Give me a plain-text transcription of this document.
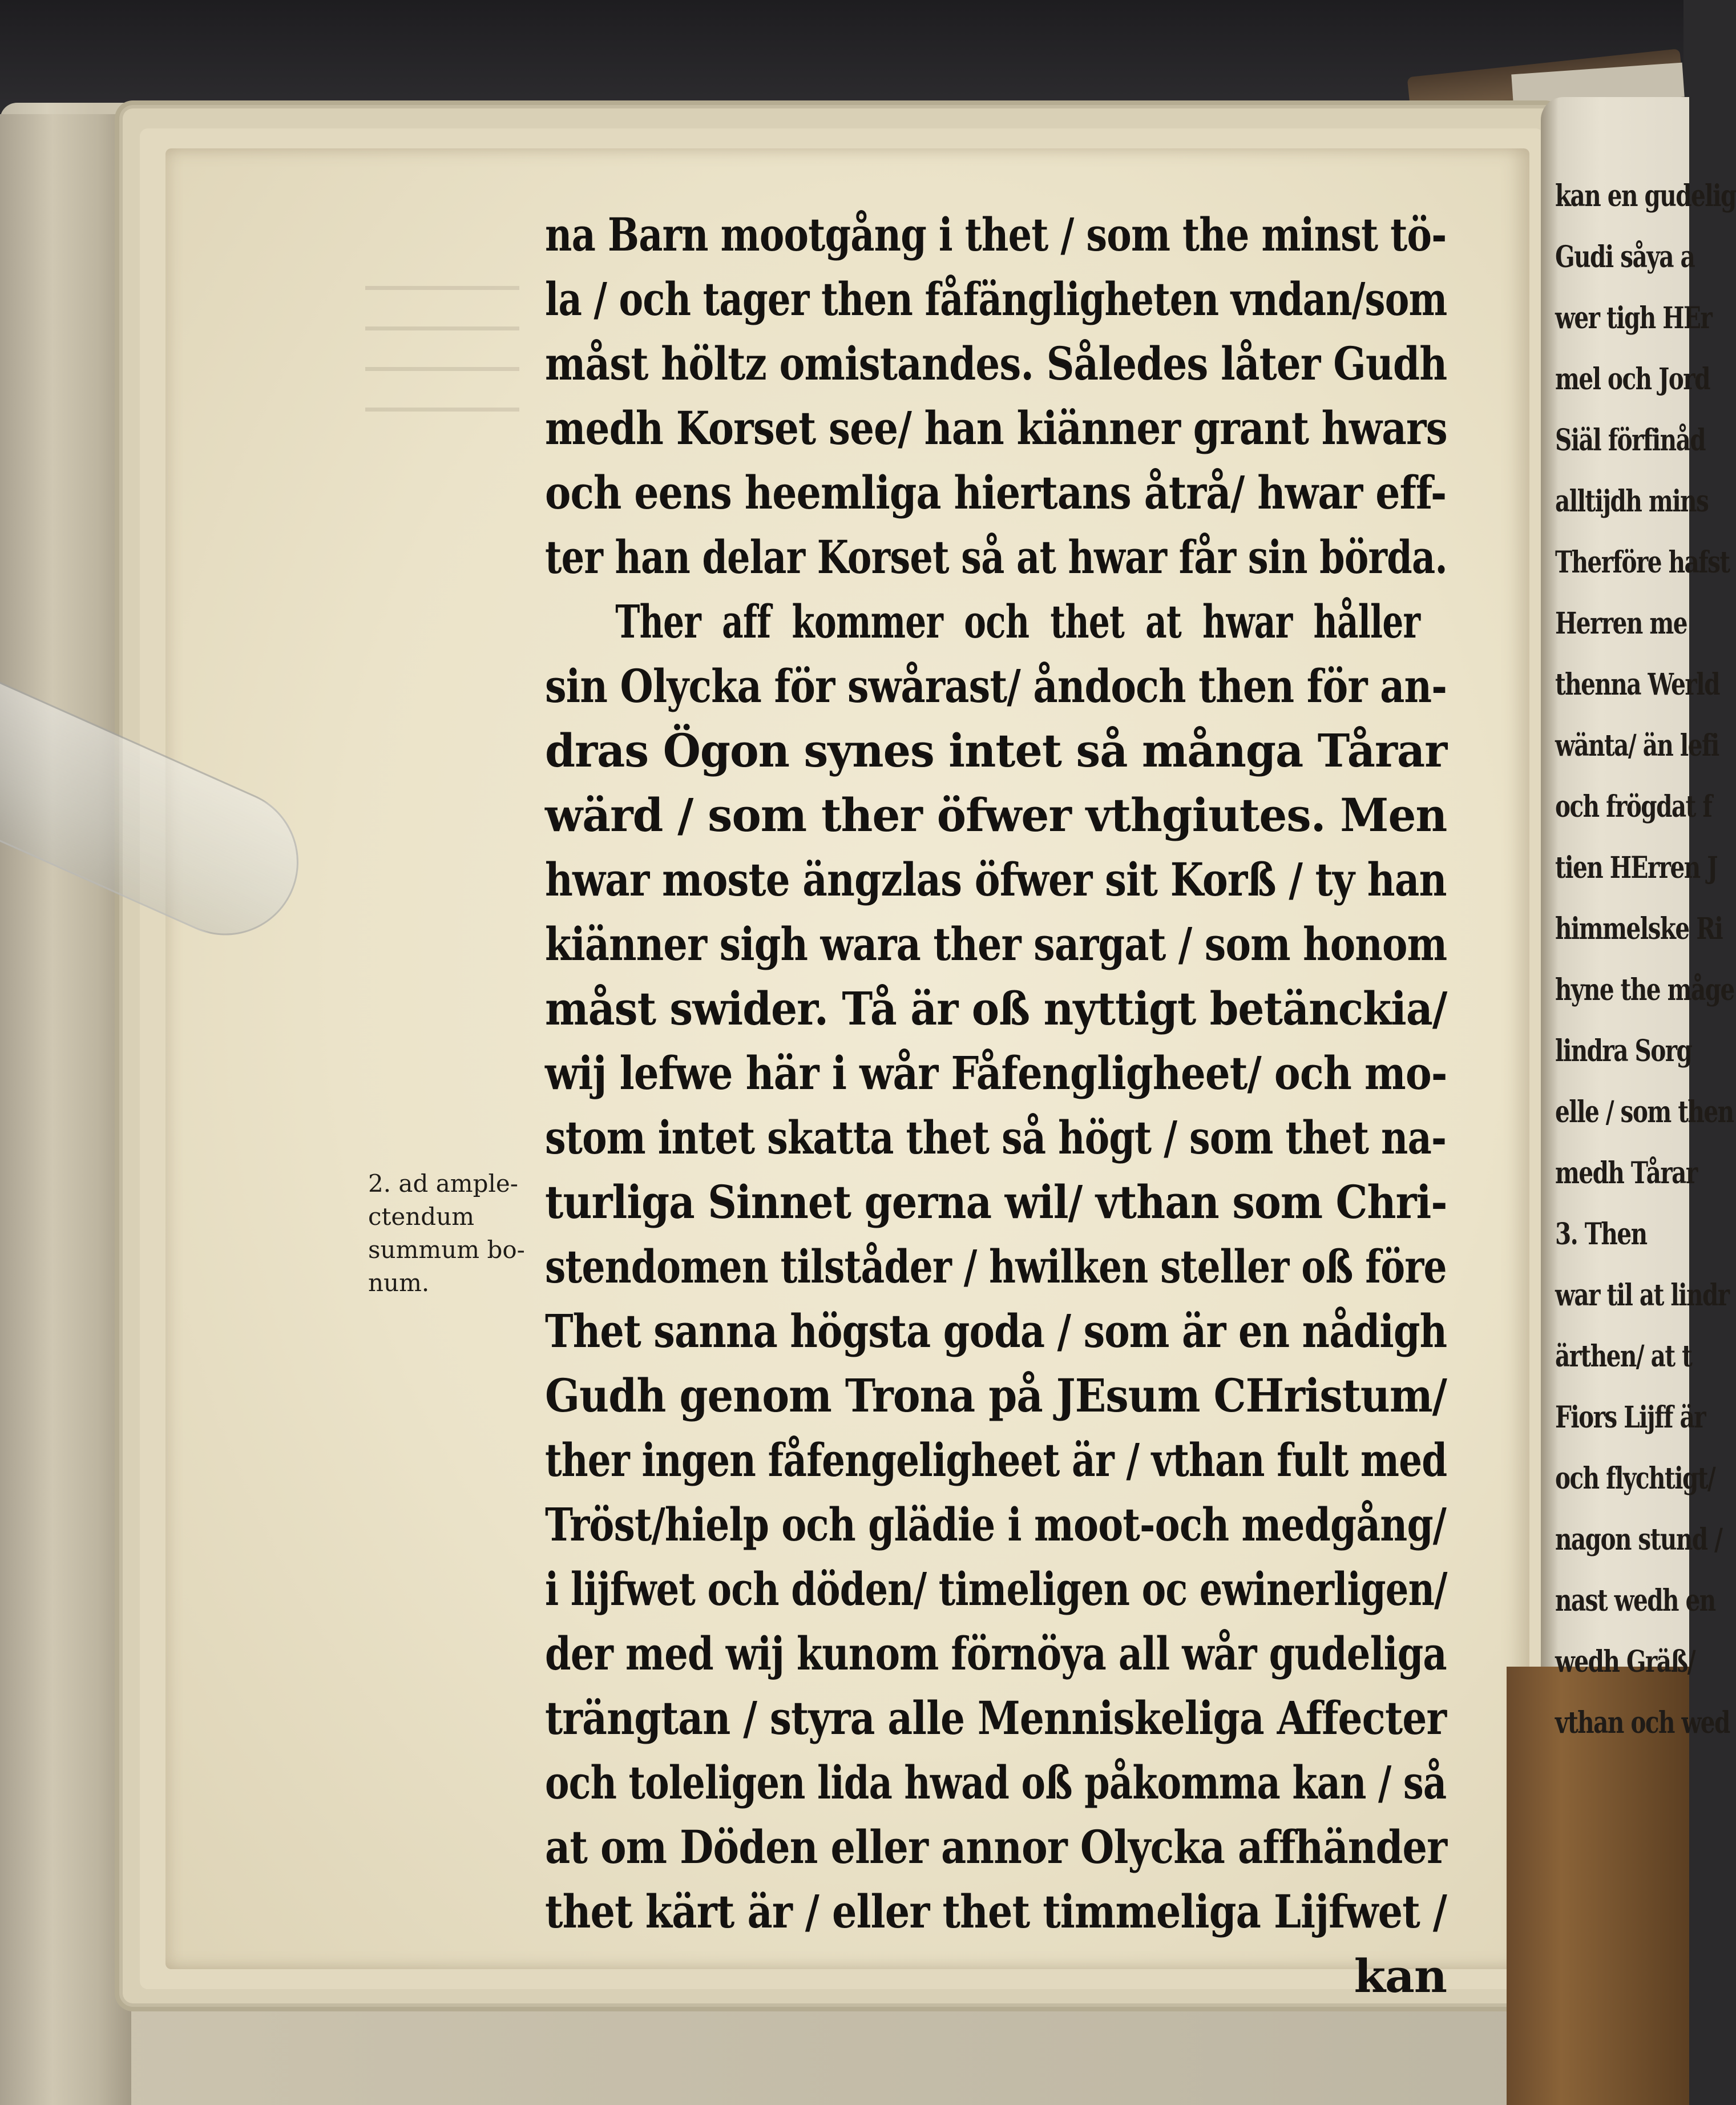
kan en gudelig
Gudi såya a
wer tigh HEr
mel och Jord
Siäl förfinåd
alltijdh mins
Therföre hafst
Herren me
thenna Werld
wänta/ än lefi
och frögdat f
tien HErren J
himmelske Ri
hyne the måge
lindra Sorg
elle / som then
medh Tårar
3. Then
war til at lindr
ärthen/ at t
Fiors Lijff är
och flychtigt/
nagon stund /
nast wedh en
wedh Gräß/
vthan och wed
2. ad ample-
ctendum
summum bo-
num.
na Barn mootgång i thet / som the minst tö-
la / och tager then fåfängligheten vndan/som
måst höltz omistandes. Således låter Gudh
medh Korset see/ han kiänner grant hwars
och eens heemliga hiertans åtrå/ hwar eff-
ter han delar Korset så at hwar får sin börda.
Ther aff kommer och thet at hwar håller
sin Olycka för swårast/ åndoch then för an-
dras Ögon synes intet så många Tårar
wärd / som ther öfwer vthgiutes. Men
hwar moste ängzlas öfwer sit Korß / ty han
kiänner sigh wara ther sargat / som honom
måst swider. Tå är oß nyttigt betänckia/
wij lefwe här i wår Fåfengligheet/ och mo-
stom intet skatta thet så högt / som thet na-
turliga Sinnet gerna wil/ vthan som Chri-
stendomen tilståder / hwilken steller oß före
Thet sanna högsta goda / som är en nådigh
Gudh genom Trona på JEsum CHristum/
ther ingen fåfengeligheet är / vthan fult med
Tröst/hielp och glädie i moot-och medgång/
i lijfwet och döden/ timeligen oc ewinerligen/
der med wij kunom förnöya all wår gudeliga
trängtan / styra alle Menniskeliga Affecter
och toleligen lida hwad oß påkomma kan / så
at om Döden eller annor Olycka affhänder
thet kärt är / eller thet timmeliga Lijfwet /
kan
